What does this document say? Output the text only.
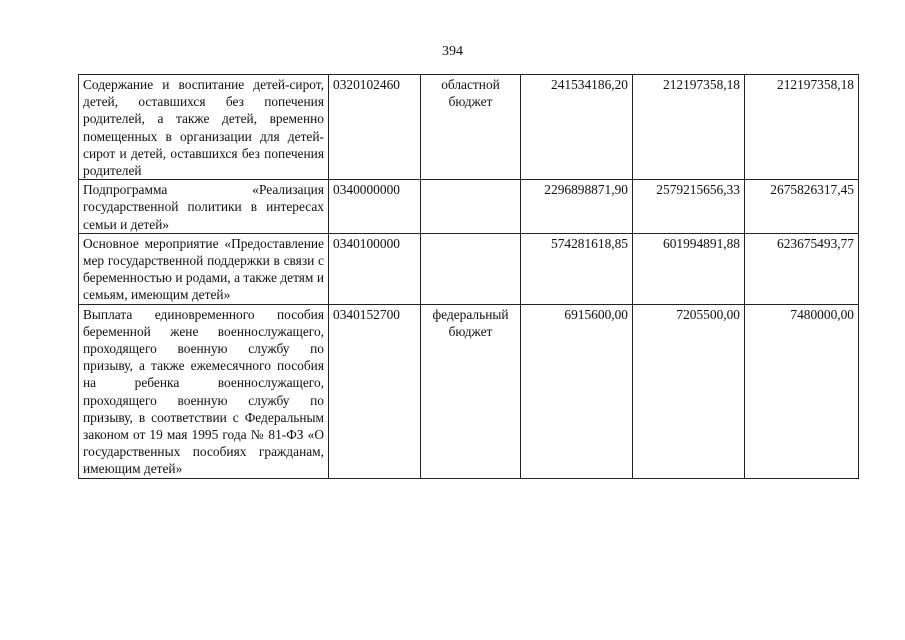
394
Содержание и воспитание детей-сирот, детей, оставшихся без попечения родителей, а также детей, временно помещенных в организации для детей-сирот и детей, оставшихся без попечения родителей	0320102460	областной бюджет	241534186,20	212197358,18	212197358,18
Подпрограмма «Реализация государственной политики в интересах семьи и детей»	0340000000		2296898871,90	2579215656,33	2675826317,45
Основное мероприятие «Предоставление мер государственной поддержки в связи с беременностью и родами, а также детям и семьям, имеющим детей»	0340100000		574281618,85	601994891,88	623675493,77
Выплата единовременного пособия беременной жене военнослужащего, проходящего военную службу по призыву, а также ежемесячного пособия на ребенка военнослужащего, проходящего военную службу по призыву, в соответствии с Федеральным законом от 19 мая 1995 года № 81-ФЗ «О государственных пособиях гражданам, имеющим детей»	0340152700	федеральный бюджет	6915600,00	7205500,00	7480000,00
